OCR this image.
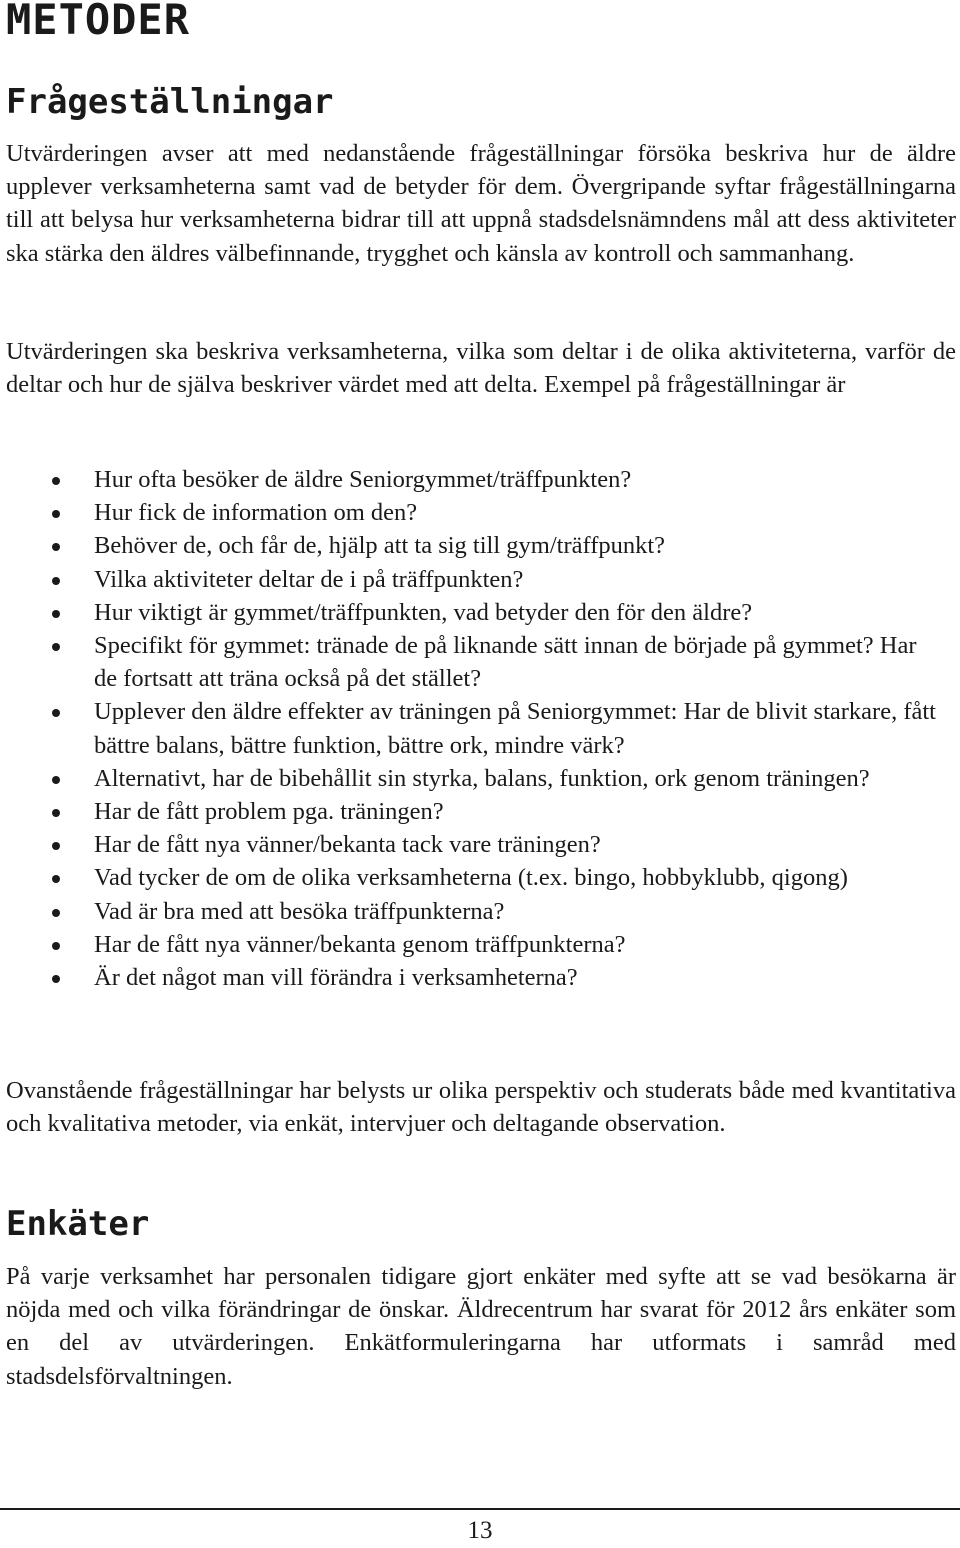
METODER
Frågeställningar

Utvärderingen avser att med nedanstående frågeställningar försöka beskriva hur de äldre upplever verksamheterna samt vad de betyder för dem. Övergripande syftar frågeställningarna till att belysa hur verksamheterna bidrar till att uppnå stadsdelsnämndens mål att dess aktiviteter ska stärka den äldres välbefinnande, trygghet och känsla av kontroll och sammanhang.

Utvärderingen ska beskriva verksamheterna, vilka som deltar i de olika aktiviteterna, varför de deltar och hur de själva beskriver värdet med att delta. Exempel på frågeställningar är

Hur ofta besöker de äldre Seniorgymmet/träffpunkten?
Hur fick de information om den?
Behöver de, och får de, hjälp att ta sig till gym/träffpunkt?
Vilka aktiviteter deltar de i på träffpunkten?
Hur viktigt är gymmet/träffpunkten, vad betyder den för den äldre?
Specifikt för gymmet: tränade de på liknande sätt innan de började på gymmet? Har de fortsatt att träna också på det stället?
Upplever den äldre effekter av träningen på Seniorgymmet: Har de blivit starkare, fått bättre balans, bättre funktion, bättre ork, mindre värk?
Alternativt, har de bibehållit sin styrka, balans, funktion, ork genom träningen?
Har de fått problem pga. träningen?
Har de fått nya vänner/bekanta tack vare träningen?
Vad tycker de om de olika verksamheterna (t.ex. bingo, hobbyklubb, qigong)
Vad är bra med att besöka träffpunkterna?
Har de fått nya vänner/bekanta genom träffpunkterna?
Är det något man vill förändra i verksamheterna?

Ovanstående frågeställningar har belysts ur olika perspektiv och studerats både med kvantitativa och kvalitativa metoder, via enkät, intervjuer och deltagande observation.

Enkäter

På varje verksamhet har personalen tidigare gjort enkäter med syfte att se vad besökarna är nöjda med och vilka förändringar de önskar. Äldrecentrum har svarat för 2012 års enkäter som en del av utvärderingen. Enkätformuleringarna har utformats i samråd med stadsdelsförvaltningen.

13
